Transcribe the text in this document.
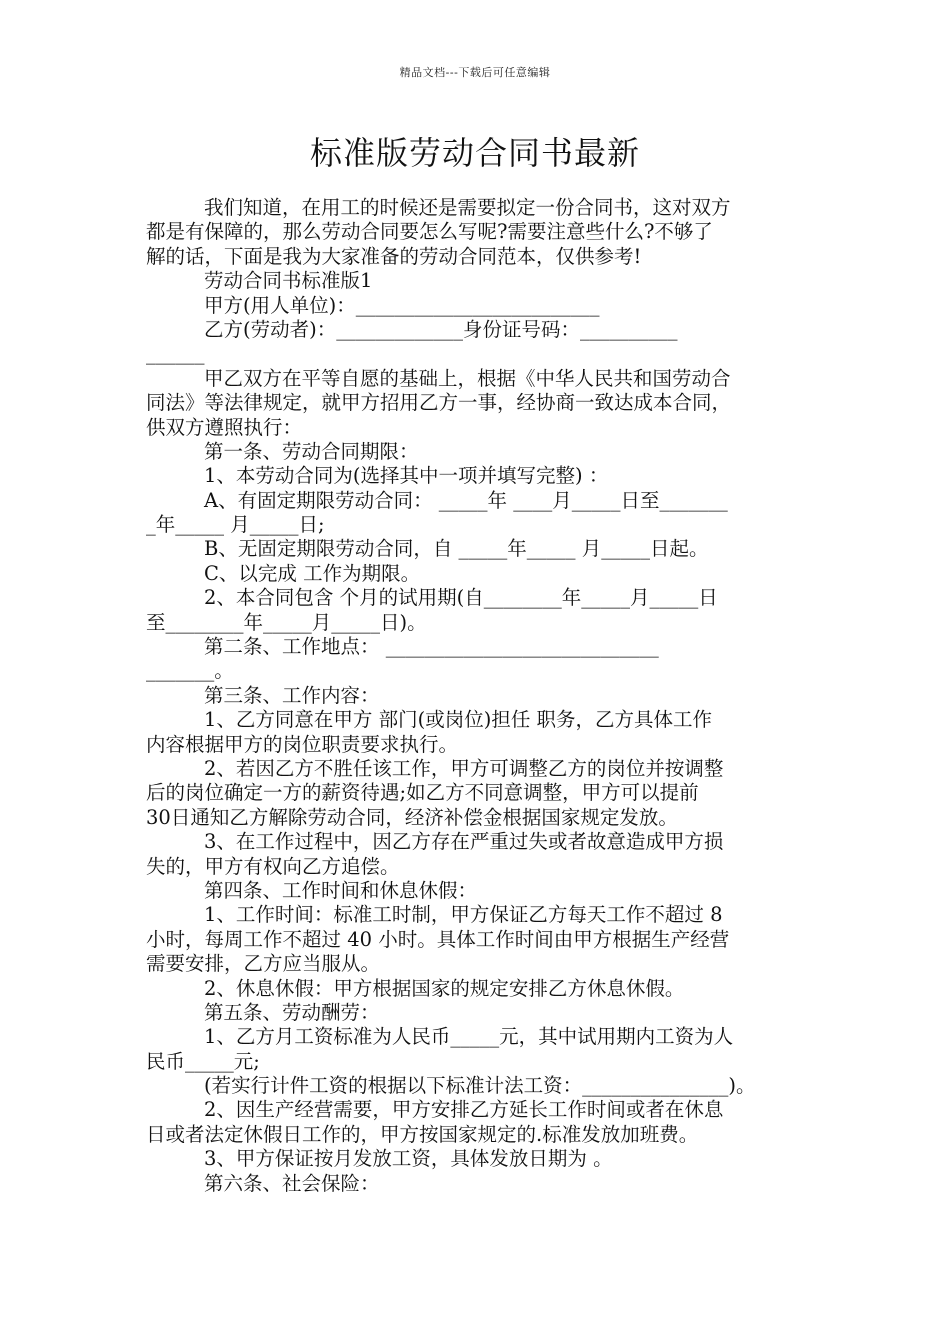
精品文档---下载后可任意编辑
标准版劳动合同书最新
我们知道，在用工的时候还是需要拟定一份合同书，这对双方
都是有保障的，那么劳动合同要怎么写呢?需要注意些什么?不够了
解的话，下面是我为大家准备的劳动合同范本，仅供参考!
劳动合同书标准版1
甲方(用人单位)：_________________________
乙方(劳动者)：_____________身份证号码：__________
______
甲乙双方在平等自愿的基础上，根据《中华人民共和国劳动合
同法》等法律规定，就甲方招用乙方一事，经协商一致达成本合同，
供双方遵照执行：
第一条、劳动合同期限：
1、本劳动合同为(选择其中一项并填写完整) ：
A、有固定期限劳动合同： _____年 ____月_____日至_______
_年_____ 月_____日;
B、无固定期限劳动合同，自 _____年_____ 月_____日起。
C、以完成 工作为期限。
2、本合同包含 个月的试用期(自________年_____月_____日
至________年_____月_____日)。
第二条、工作地点： ____________________________
_______。
第三条、工作内容：
1、乙方同意在甲方 部门(或岗位)担任 职务，乙方具体工作
内容根据甲方的岗位职责要求执行。
2、若因乙方不胜任该工作，甲方可调整乙方的岗位并按调整
后的岗位确定一方的薪资待遇;如乙方不同意调整，甲方可以提前
30日通知乙方解除劳动合同，经济补偿金根据国家规定发放。
3、在工作过程中，因乙方存在严重过失或者故意造成甲方损
失的，甲方有权向乙方追偿。
第四条、工作时间和休息休假：
1、工作时间：标准工时制，甲方保证乙方每天工作不超过 8
小时，每周工作不超过 40 小时。具体工作时间由甲方根据生产经营
需要安排，乙方应当服从。
2、休息休假：甲方根据国家的规定安排乙方休息休假。
第五条、劳动酬劳：
1、乙方月工资标准为人民币_____元，其中试用期内工资为人
民币_____元;
(若实行计件工资的根据以下标准计法工资：_______________)。
2、因生产经营需要，甲方安排乙方延长工作时间或者在休息
日或者法定休假日工作的，甲方按国家规定的.标准发放加班费。
3、甲方保证按月发放工资，具体发放日期为 。
第六条、社会保险：
